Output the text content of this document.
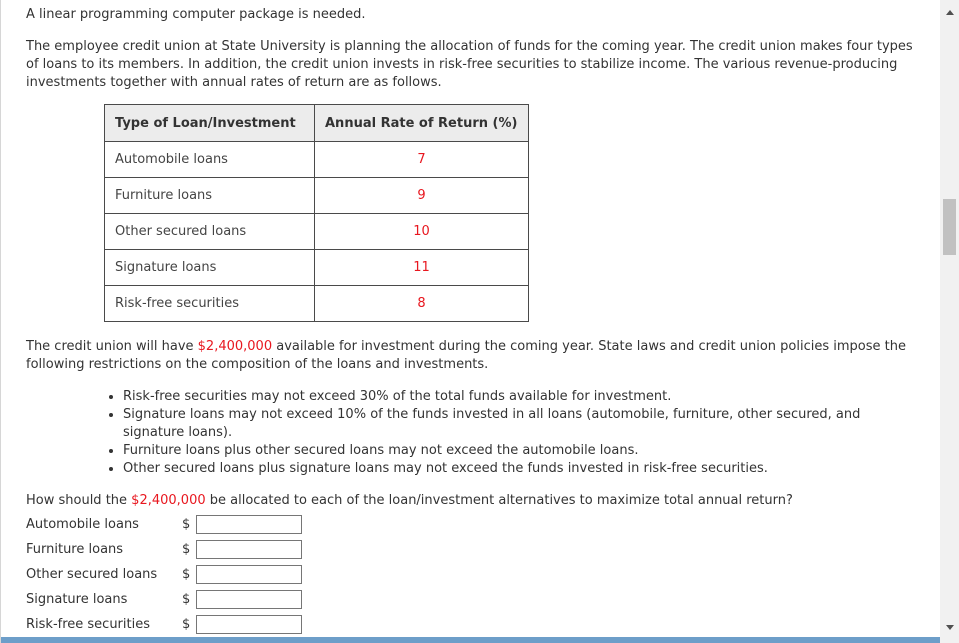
A linear programming computer package is needed.

The employee credit union at State University is planning the allocation of funds for the coming year. The credit union makes four types of loans to its members. In addition, the credit union invests in risk-free securities to stabilize income. The various revenue-producing investments together with annual rates of return are as follows.

Type of Loan/Investment	Annual Rate of Return (%)
Automobile loans	7
Furniture loans	9
Other secured loans	10
Signature loans	11
Risk-free securities	8

The credit union will have $2,400,000 available for investment during the coming year. State laws and credit union policies impose the following restrictions on the composition of the loans and investments.

• Risk-free securities may not exceed 30% of the total funds available for investment.
• Signature loans may not exceed 10% of the funds invested in all loans (automobile, furniture, other secured, and signature loans).
• Furniture loans plus other secured loans may not exceed the automobile loans.
• Other secured loans plus signature loans may not exceed the funds invested in risk-free securities.

How should the $2,400,000 be allocated to each of the loan/investment alternatives to maximize total annual return?

Automobile loans	$
Furniture loans	$
Other secured loans $
Signature loans	$
Risk-free securities $
